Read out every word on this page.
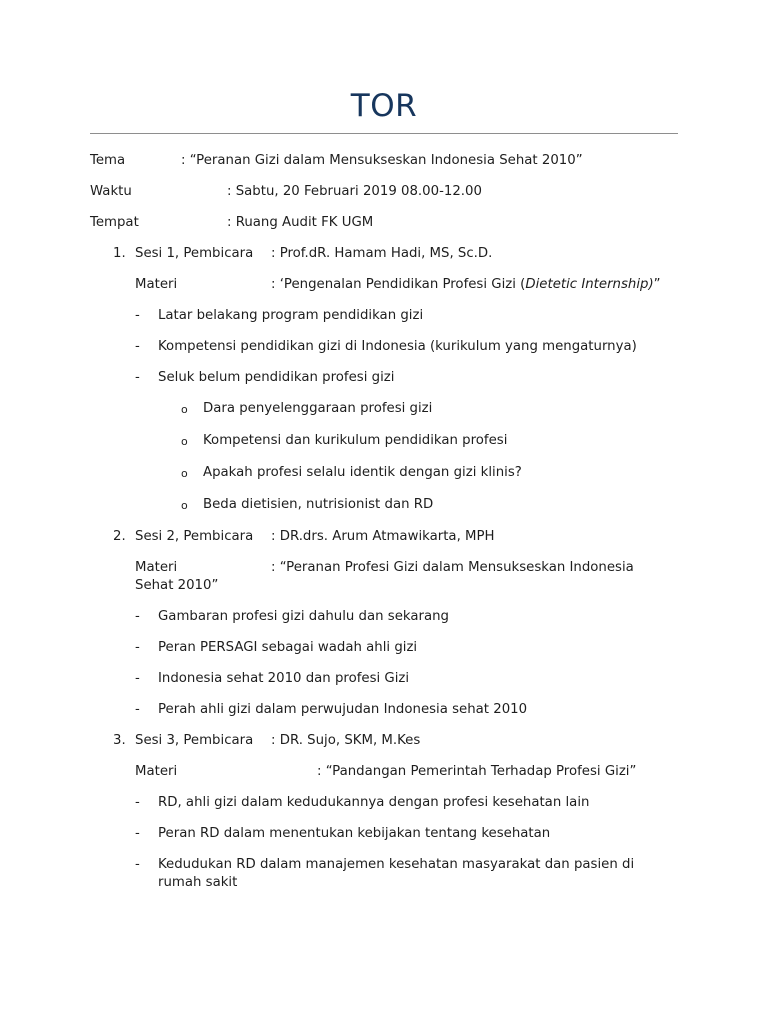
TOR
Tema	: “Peranan Gizi dalam Mensukseskan Indonesia Sehat 2010”
Waktu	: Sabtu, 20 Februari 2019 08.00-12.00
Tempat	: Ruang Audit FK UGM
1. Sesi 1, Pembicara : Prof.dR. Hamam Hadi, MS, Sc.D.
Materi	: ‘Pengenalan Pendidikan Profesi Gizi (Dietetic Internship)”
- Latar belakang program pendidikan gizi
- Kompetensi pendidikan gizi di Indonesia (kurikulum yang mengaturnya)
- Seluk belum pendidikan profesi gizi
o Dara penyelenggaraan profesi gizi
o Kompetensi dan kurikulum pendidikan profesi
o Apakah profesi selalu identik dengan gizi klinis?
o Beda dietisien, nutrisionist dan RD
2. Sesi 2, Pembicara : DR.drs. Arum Atmawikarta, MPH
Materi	: “Peranan Profesi Gizi dalam Mensukseskan Indonesia
Sehat 2010”
- Gambaran profesi gizi dahulu dan sekarang
- Peran PERSAGI sebagai wadah ahli gizi
- Indonesia sehat 2010 dan profesi Gizi
- Perah ahli gizi dalam perwujudan Indonesia sehat 2010
3. Sesi 3, Pembicara : DR. Sujo, SKM, M.Kes
Materi	: “Pandangan Pemerintah Terhadap Profesi Gizi”
- RD, ahli gizi dalam kedudukannya dengan profesi kesehatan lain
- Peran RD dalam menentukan kebijakan tentang kesehatan
- Kedudukan RD dalam manajemen kesehatan masyarakat dan pasien di
rumah sakit
